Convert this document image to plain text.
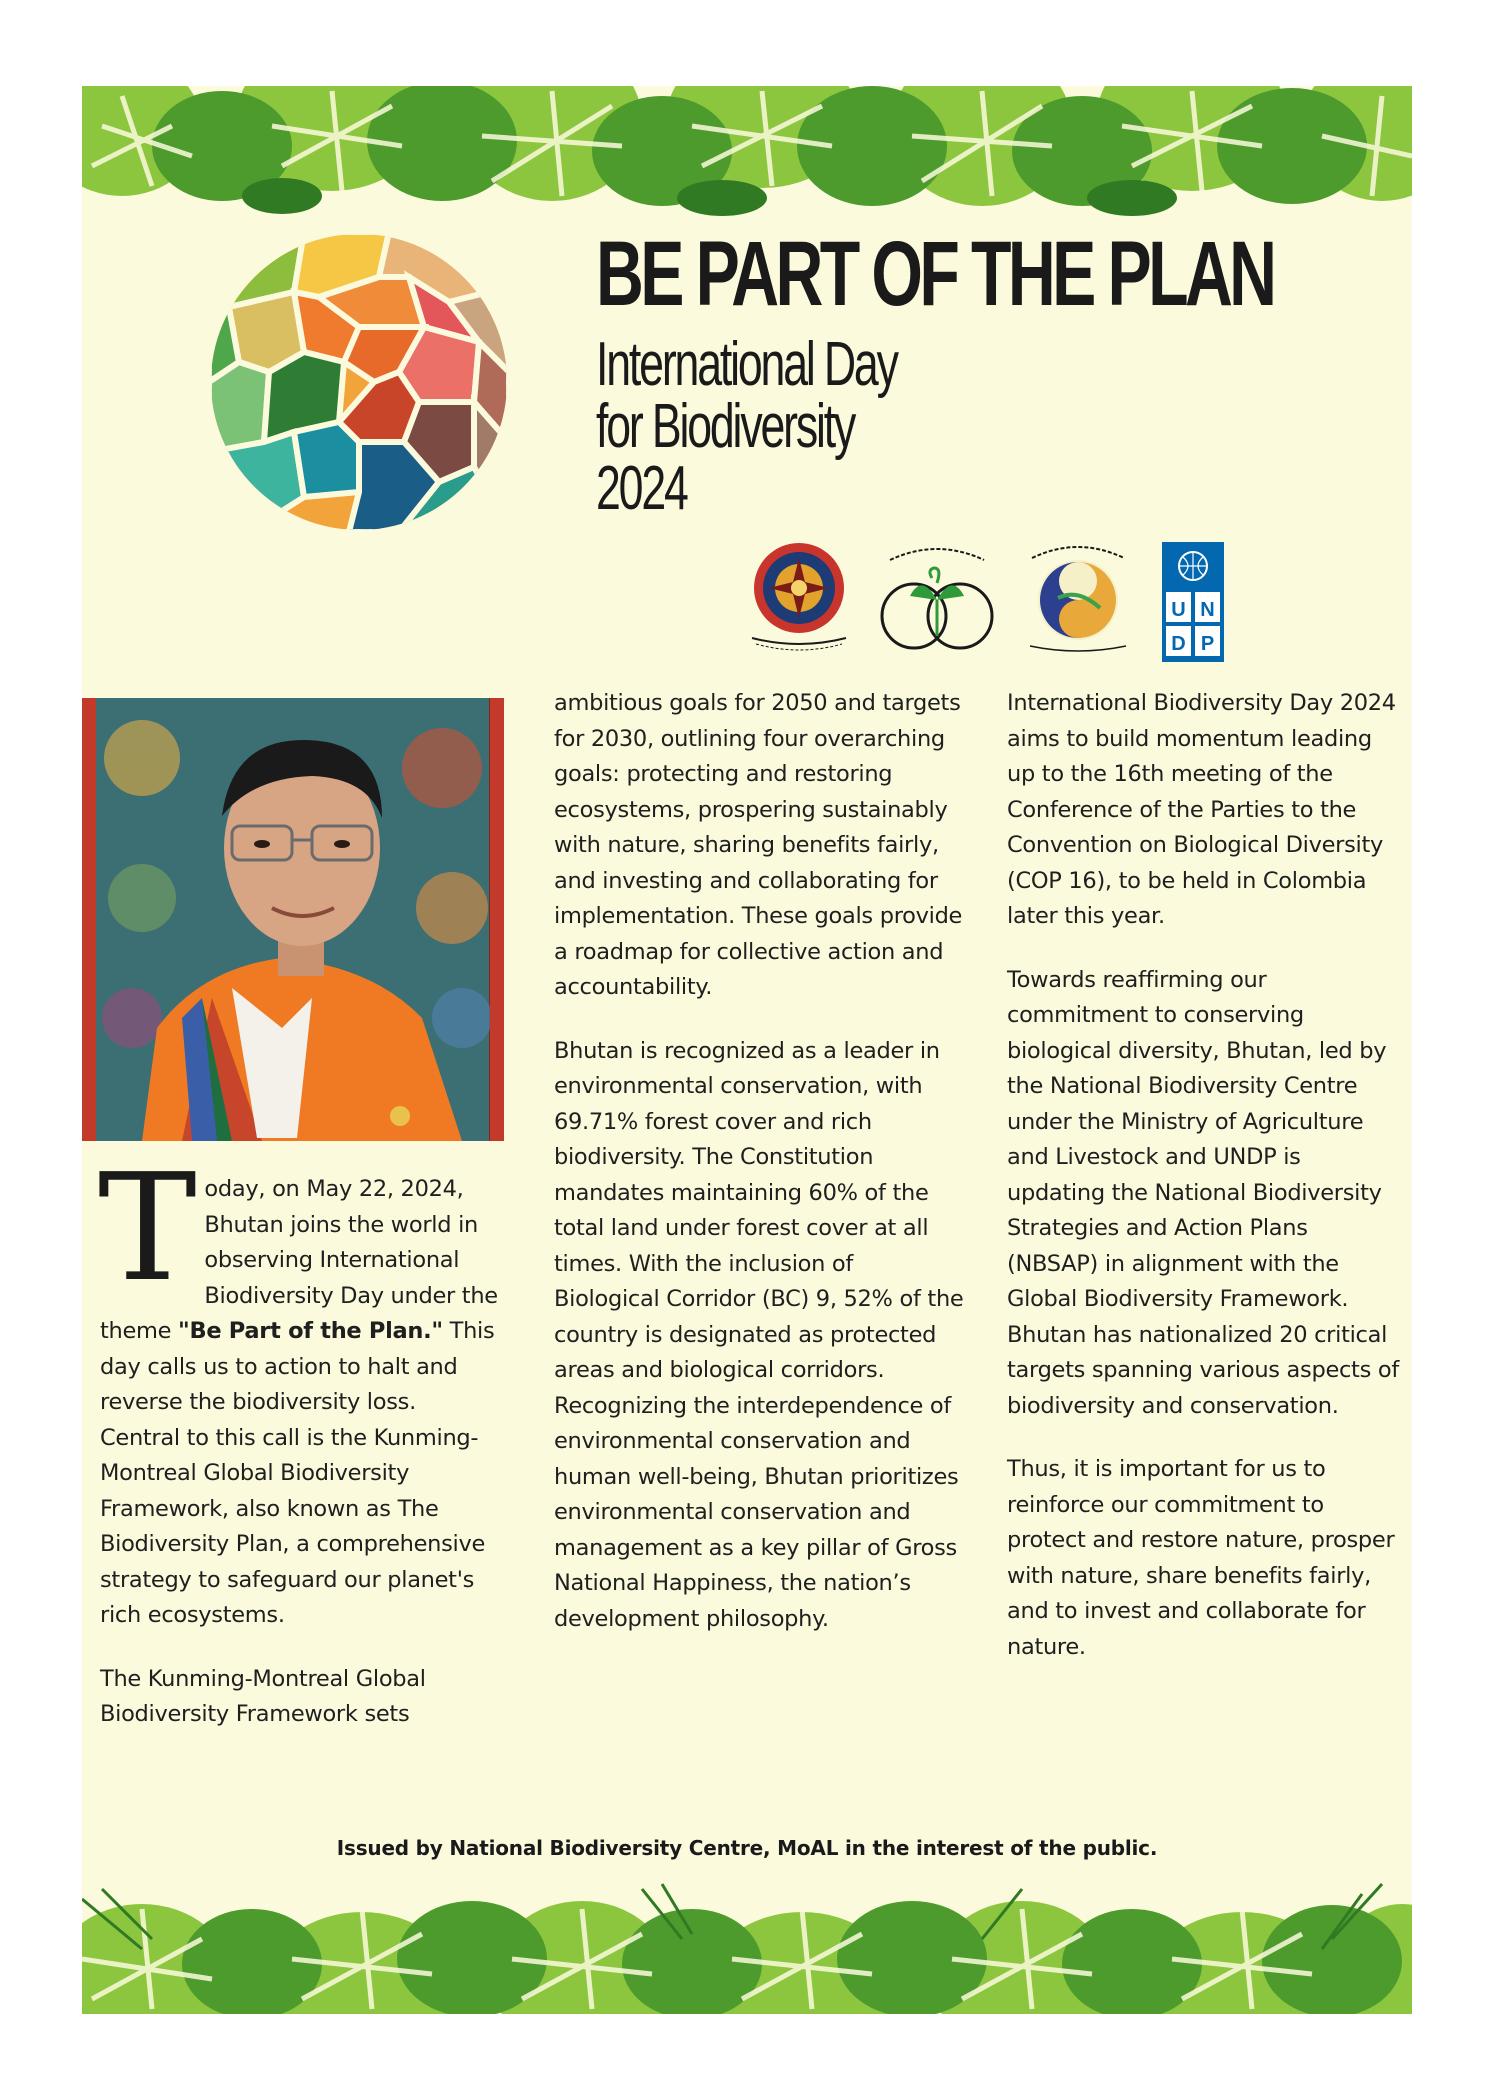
BE PART OF THE PLAN
International Day
for Biodiversity
2024
U N
D P

Today, on May 22, 2024, Bhutan joins the world in observing International Biodiversity Day under the theme "Be Part of the Plan." This day calls us to action to halt and reverse the biodiversity loss. Central to this call is the Kunming-Montreal Global Biodiversity Framework, also known as The Biodiversity Plan, a comprehensive strategy to safeguard our planet's rich ecosystems.

The Kunming-Montreal Global Biodiversity Framework sets

ambitious goals for 2050 and targets for 2030, outlining four overarching goals: protecting and restoring ecosystems, prospering sustainably with nature, sharing benefits fairly, and investing and collaborating for implementation. These goals provide a roadmap for collective action and accountability.

Bhutan is recognized as a leader in environmental conservation, with 69.71% forest cover and rich biodiversity. The Constitution mandates maintaining 60% of the total land under forest cover at all times. With the inclusion of Biological Corridor (BC) 9, 52% of the country is designated as protected areas and biological corridors. Recognizing the interdependence of environmental conservation and human well-being, Bhutan prioritizes environmental conservation and management as a key pillar of Gross National Happiness, the nation’s development philosophy.

International Biodiversity Day 2024 aims to build momentum leading up to the 16th meeting of the Conference of the Parties to the Convention on Biological Diversity (COP 16), to be held in Colombia later this year.

Towards reaffirming our commitment to conserving biological diversity, Bhutan, led by the National Biodiversity Centre under the Ministry of Agriculture and Livestock and UNDP is updating the National Biodiversity Strategies and Action Plans (NBSAP) in alignment with the Global Biodiversity Framework. Bhutan has nationalized 20 critical targets spanning various aspects of biodiversity and conservation.

Thus, it is important for us to reinforce our commitment to protect and restore nature, prosper with nature, share benefits fairly, and to invest and collaborate for nature.

Issued by National Biodiversity Centre, MoAL in the interest of the public.
